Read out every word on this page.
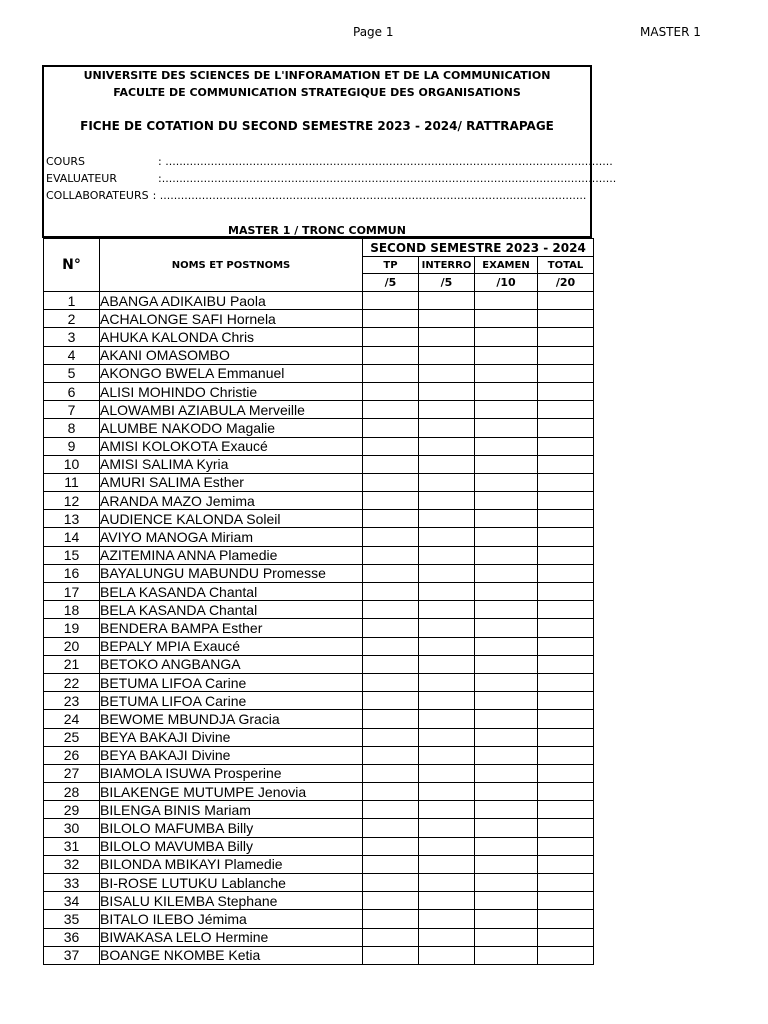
Page 1	MASTER 1
UNIVERSITE DES SCIENCES DE L'INFORAMATION ET DE LA COMMUNICATION
FACULTE DE COMMUNICATION STRATEGIQUE DES ORGANISATIONS
FICHE DE COTATION DU SECOND SEMESTRE 2023 - 2024/ RATTRAPAGE
COURS	: ................................................................................................................................
EVALUATEUR	:..................................................................................................................................
COLLABORATEURS : ..........................................................................................................................
MASTER 1 / TRONC COMMUN
N°	NOMS ET POSTNOMS	SECOND SEMESTRE 2023 - 2024			
		TP	INTERRO	EXAMEN	TOTAL
		/5	/5	/10	/20
1	ABANGA ADIKAIBU Paola				
2	ACHALONGE SAFI Hornela				
3	AHUKA KALONDA Chris				
4	AKANI OMASOMBO				
5	AKONGO BWELA Emmanuel				
6	ALISI MOHINDO Christie				
7	ALOWAMBI AZIABULA Merveille				
8	ALUMBE NAKODO Magalie				
9	AMISI KOLOKOTA Exaucé				
10	AMISI SALIMA Kyria				
11	AMURI SALIMA Esther				
12	ARANDA MAZO Jemima				
13	AUDIENCE KALONDA Soleil				
14	AVIYO MANOGA Miriam				
15	AZITEMINA ANNA Plamedie				
16	BAYALUNGU MABUNDU Promesse				
17	BELA KASANDA Chantal				
18	BELA KASANDA Chantal				
19	BENDERA BAMPA Esther				
20	BEPALY MPIA Exaucé				
21	BETOKO ANGBANGA				
22	BETUMA LIFOA Carine				
23	BETUMA LIFOA Carine				
24	BEWOME MBUNDJA Gracia				
25	BEYA BAKAJI Divine				
26	BEYA BAKAJI Divine				
27	BIAMOLA ISUWA Prosperine				
28	BILAKENGE MUTUMPE Jenovia				
29	BILENGA BINIS Mariam				
30	BILOLO MAFUMBA Billy				
31	BILOLO MAVUMBA Billy				
32	BILONDA MBIKAYI Plamedie				
33	BI-ROSE LUTUKU Lablanche				
34	BISALU KILEMBA Stephane				
35	BITALO ILEBO Jémima				
36	BIWAKASA LELO Hermine				
37	BOANGE NKOMBE Ketia				
